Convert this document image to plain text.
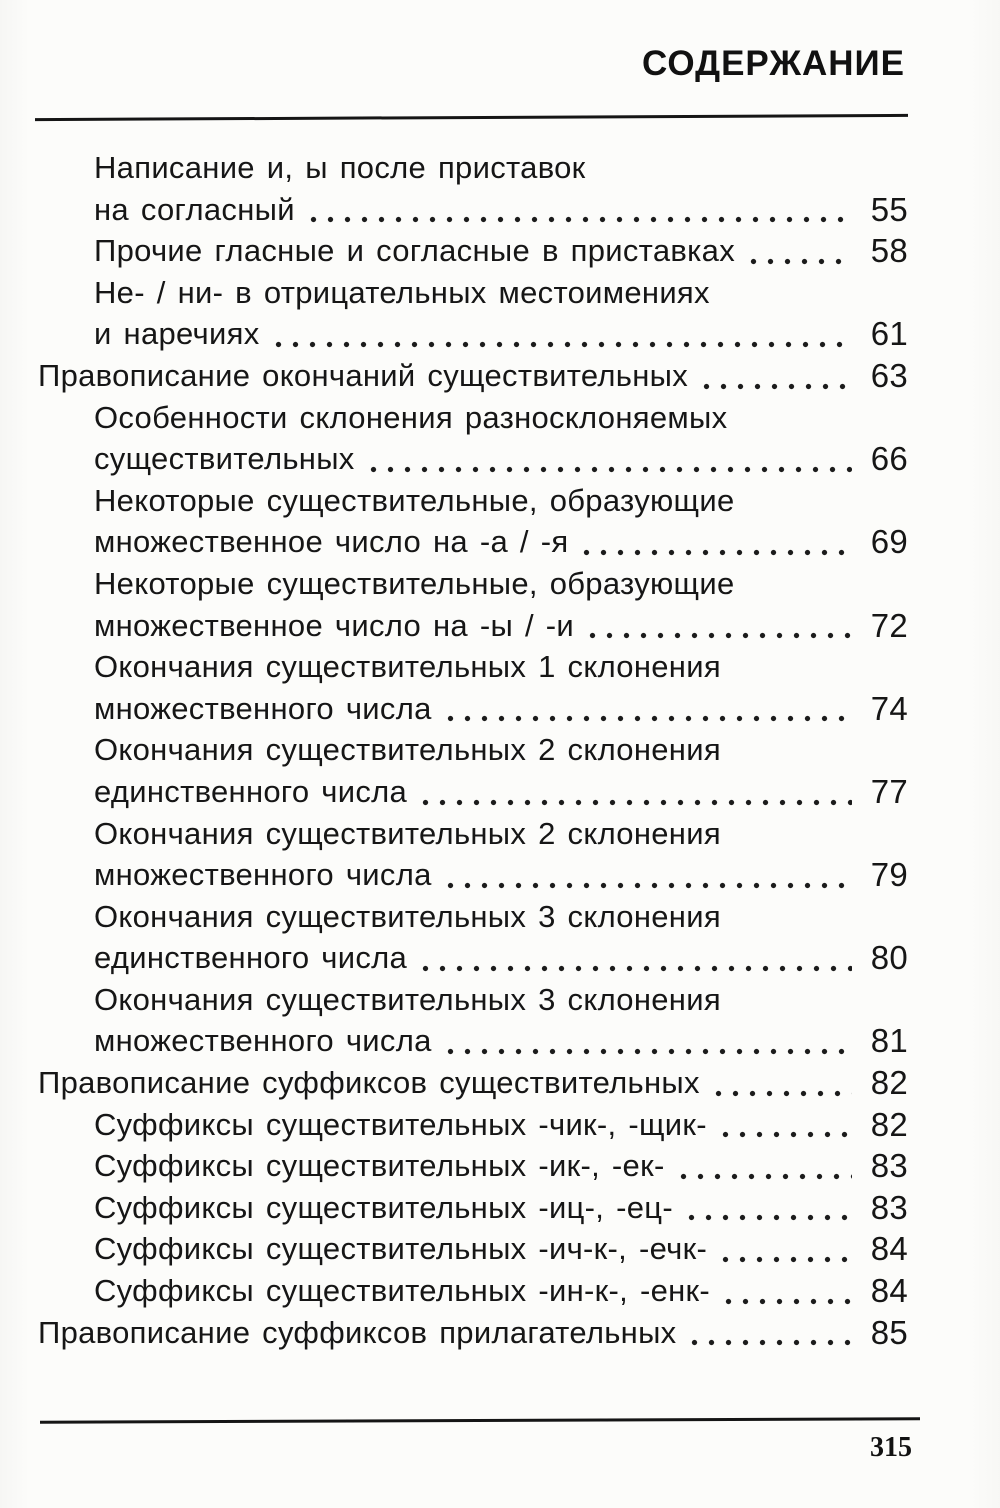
СОДЕРЖАНИЕ
Написание и, ы после приставок
на согласный	55
Прочие гласные и согласные в приставках	58
Не- / ни- в отрицательных местоимениях
и наречиях	61
Правописание окончаний существительных	63
Особенности склонения разносклоняемых
существительных	66
Некоторые существительные, образующие
множественное число на -а / -я	69
Некоторые существительные, образующие
множественное число на -ы / -и	72
Окончания существительных 1 склонения
множественного числа	74
Окончания существительных 2 склонения
единственного числа	77
Окончания существительных 2 склонения
множественного числа	79
Окончания существительных 3 склонения
единственного числа	80
Окончания существительных 3 склонения
множественного числа	81
Правописание суффиксов существительных	82
Суффиксы существительных -чик-, -щик-	82
Суффиксы существительных -ик-, -ек-	83
Суффиксы существительных -иц-, -ец-	83
Суффиксы существительных -ич-к-, -ечк-	84
Суффиксы существительных -ин-к-, -енк-	84
Правописание суффиксов прилагательных	85
315
